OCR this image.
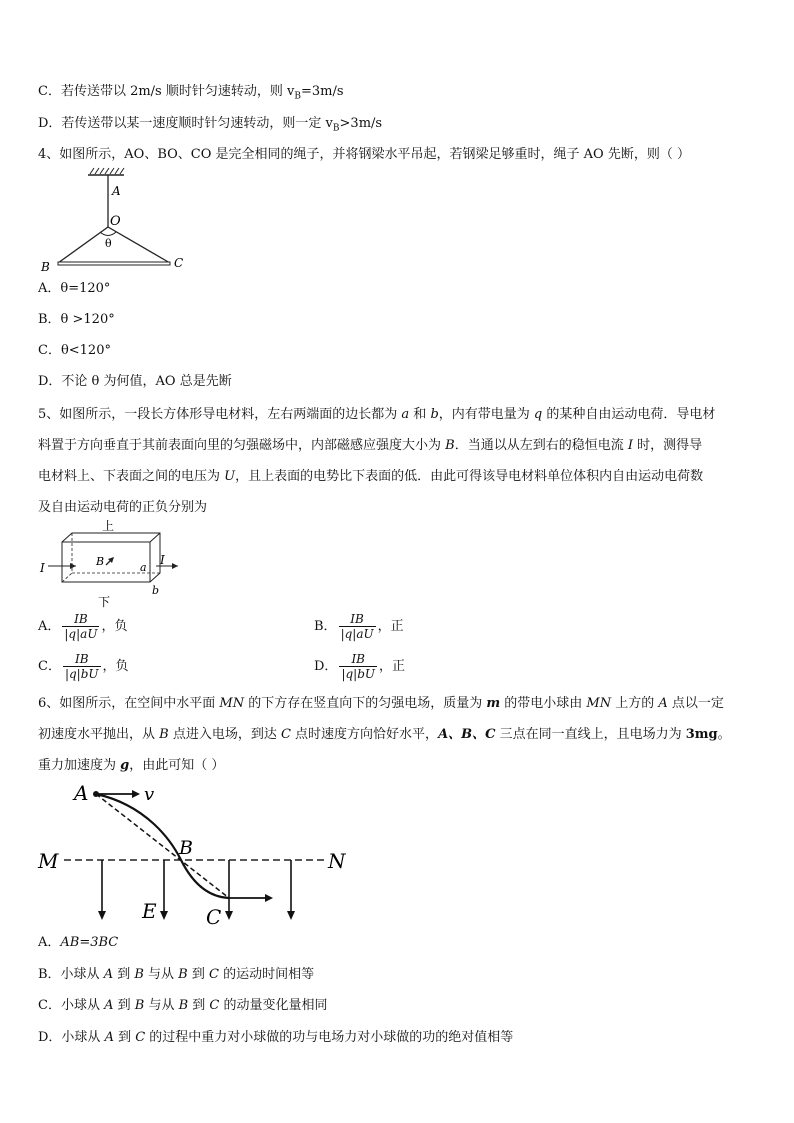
C．若传送带以 2m/s 顺时针匀速转动，则 $v_B=3m/s$
D．若传送带以某一速度顺时针匀速转动，则一定 $v_B>3m/s$
4、如图所示，AO、BO、CO 是完全相同的绳子，并将钢梁水平吊起，若钢梁足够重时，绳子 AO 先断，则（ ）
A
O
θ
B	C
A．θ=120°
B．θ >120°
C．θ<120°
D．不论 θ 为何值，AO 总是先断
5、如图所示，一段长方体形导电材料，左右两端面的边长都为 a 和 b，内有带电量为 q 的某种自由运动电荷．导电材
料置于方向垂直于其前表面向里的匀强磁场中，内部磁感应强度大小为 B．当通以从左到右的稳恒电流 I 时，测得导
电材料上、下表面之间的电压为 U，且上表面的电势比下表面的低．由此可得该导电材料单位体积内自由运动电荷数
及自由运动电荷的正负分别为
上
下
I
I
B	a
b
A． $\frac{IB}{|q|aU}$ ，负	B． $\frac{IB}{|q|aU}$ ，正
C． $\frac{IB}{|q|bU}$ ，负	D． $\frac{IB}{|q|bU}$ ，正
6、如图所示，在空间中水平面 MN 的下方存在竖直向下的匀强电场，质量为 m 的带电小球由 MN 上方的 A 点以一定
初速度水平抛出，从 B 点进入电场，到达 C 点时速度方向恰好水平，A、B、C 三点在同一直线上，且电场力为 3mg。
重力加速度为 g，由此可知（ ）
A	v
M
B
N
E C
A．AB=3BC
B．小球从 A 到 B 与从 B 到 C 的运动时间相等
C．小球从 A 到 B 与从 B 到 C 的动量变化量相同
D．小球从 A 到 C 的过程中重力对小球做的功与电场力对小球做的功的绝对值相等
